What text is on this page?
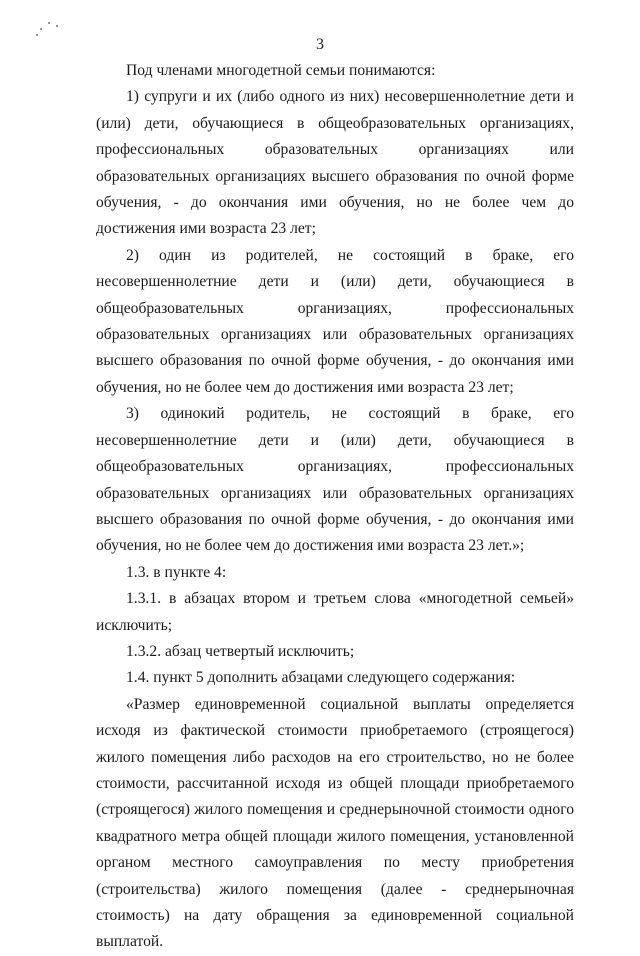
3

Под членами многодетной семьи понимаются:

1) супруги и их (либо одного из них) несовершеннолетние дети и (или) дети, обучающиеся в общеобразовательных организациях, профессиональных образовательных организациях или образовательных организациях высшего образования по очной форме обучения, - до окончания ими обучения, но не более чем до достижения ими возраста 23 лет;

2) один из родителей, не состоящий в браке, его несовершеннолетние дети и (или) дети, обучающиеся в общеобразовательных организациях, профессиональных образовательных организациях или образовательных организациях высшего образования по очной форме обучения, - до окончания ими обучения, но не более чем до достижения ими возраста 23 лет;

3) одинокий родитель, не состоящий в браке, его несовершеннолетние дети и (или) дети, обучающиеся в общеобразовательных организациях, профессиональных образовательных организациях или образовательных организациях высшего образования по очной форме обучения, - до окончания ими обучения, но не более чем до достижения ими возраста 23 лет.»;

1.3. в пункте 4:

1.3.1. в абзацах втором и третьем слова «многодетной семьей» исключить;

1.3.2. абзац четвертый исключить;

1.4. пункт 5 дополнить абзацами следующего содержания:

«Размер единовременной социальной выплаты определяется исходя из фактической стоимости приобретаемого (строящегося) жилого помещения либо расходов на его строительство, но не более стоимости, рассчитанной исходя из общей площади приобретаемого (строящегося) жилого помещения и среднерыночной стоимости одного квадратного метра общей площади жилого помещения, установленной органом местного самоуправления по месту приобретения (строительства) жилого помещения (далее - среднерыночная стоимость) на дату обращения за единовременной социальной выплатой.
